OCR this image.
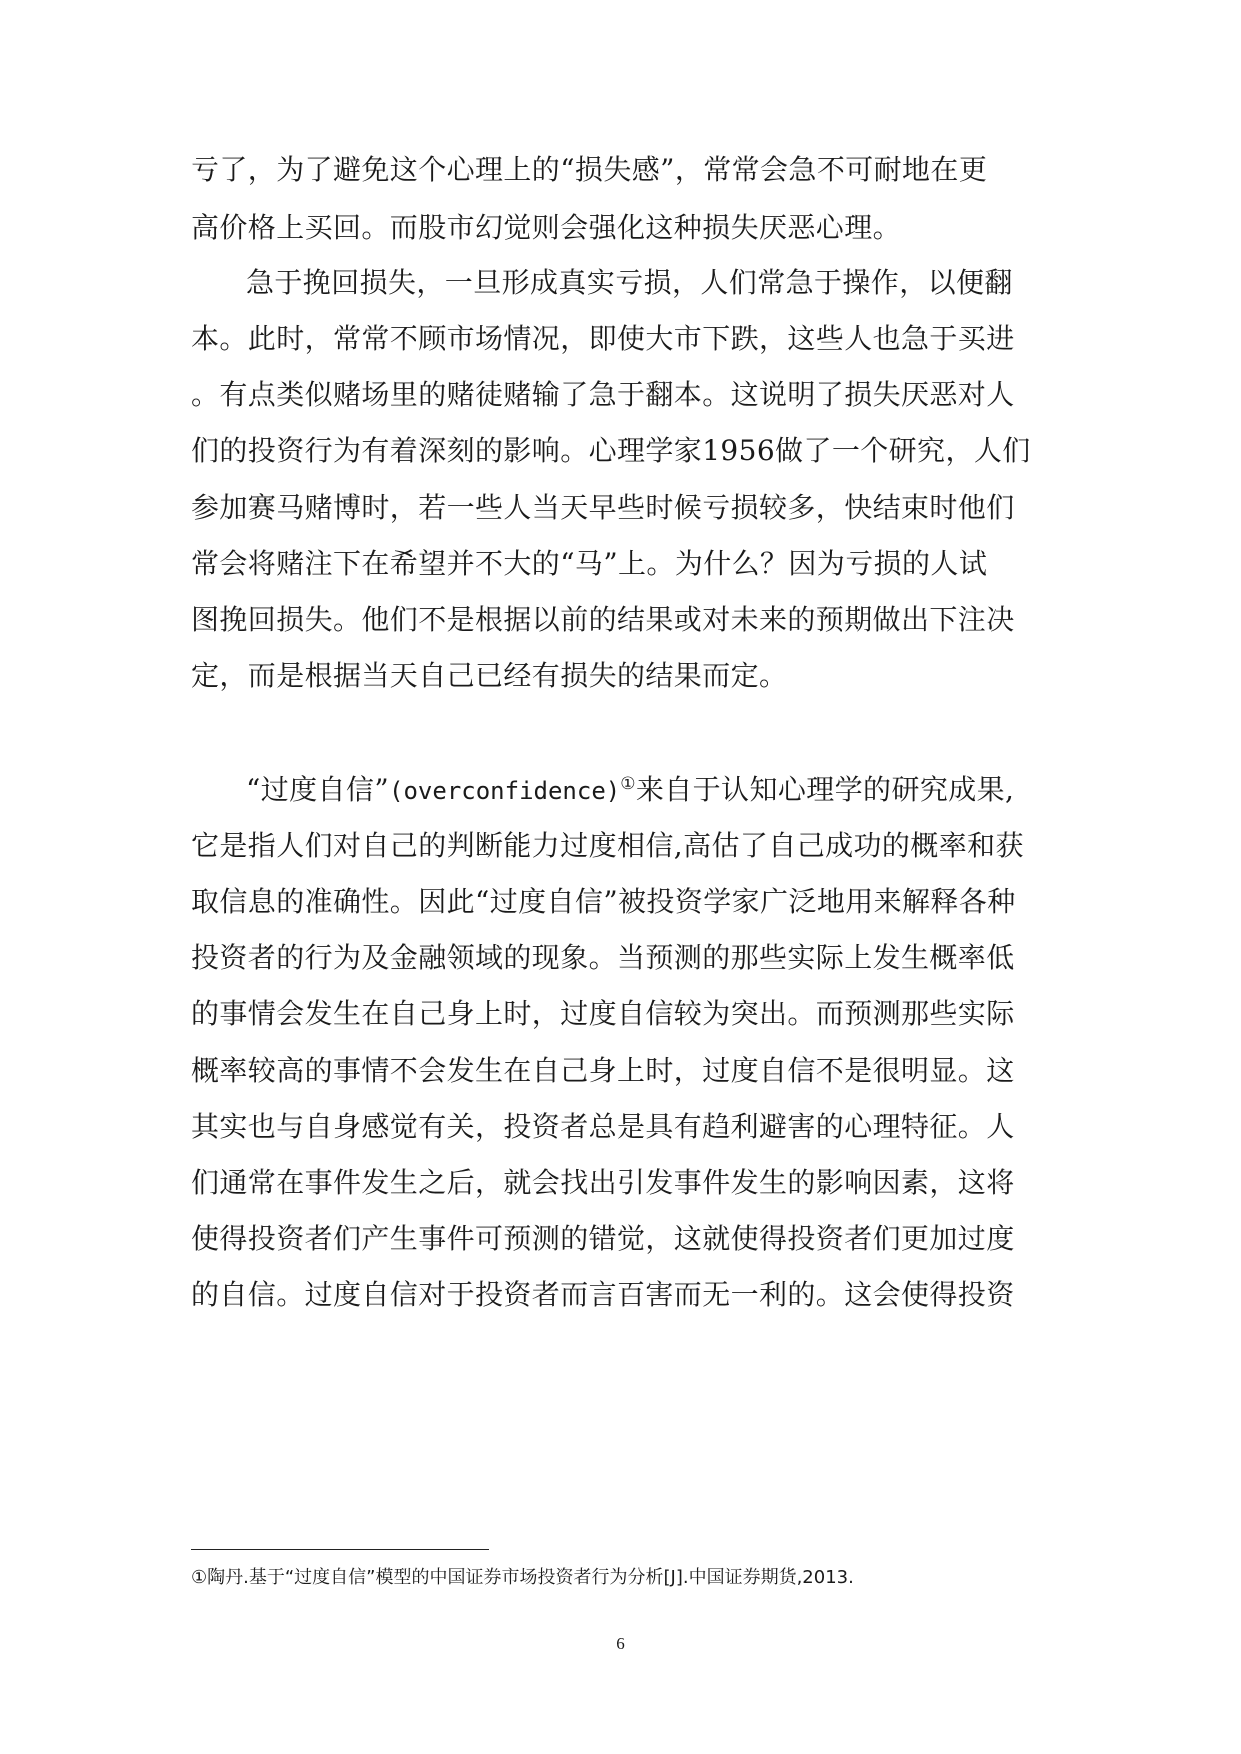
亏了，为了避免这个心理上的“损失感”，常常会急不可耐地在更
高价格上买回。而股市幻觉则会强化这种损失厌恶心理。
急于挽回损失，一旦形成真实亏损，人们常急于操作，以便翻
本。此时，常常不顾市场情况，即使大市下跌，这些人也急于买进
。有点类似赌场里的赌徒赌输了急于翻本。这说明了损失厌恶对人
们的投资行为有着深刻的影响。心理学家1956做了一个研究，人们
参加赛马赌博时，若一些人当天早些时候亏损较多，快结束时他们
常会将赌注下在希望并不大的“马”上。为什么？因为亏损的人试
图挽回损失。他们不是根据以前的结果或对未来的预期做出下注决
定，而是根据当天自己已经有损失的结果而定。
“过度自信”(overconfidence)①来自于认知心理学的研究成果,
它是指人们对自己的判断能力过度相信,高估了自己成功的概率和获
取信息的准确性。因此“过度自信”被投资学家广泛地用来解释各种
投资者的行为及金融领域的现象。当预测的那些实际上发生概率低
的事情会发生在自己身上时，过度自信较为突出。而预测那些实际
概率较高的事情不会发生在自己身上时，过度自信不是很明显。这
其实也与自身感觉有关，投资者总是具有趋利避害的心理特征。人
们通常在事件发生之后，就会找出引发事件发生的影响因素，这将
使得投资者们产生事件可预测的错觉，这就使得投资者们更加过度
的自信。过度自信对于投资者而言百害而无一利的。这会使得投资
①陶丹.基于“过度自信”模型的中国证券市场投资者行为分析[J].中国证券期货,2013.
6
